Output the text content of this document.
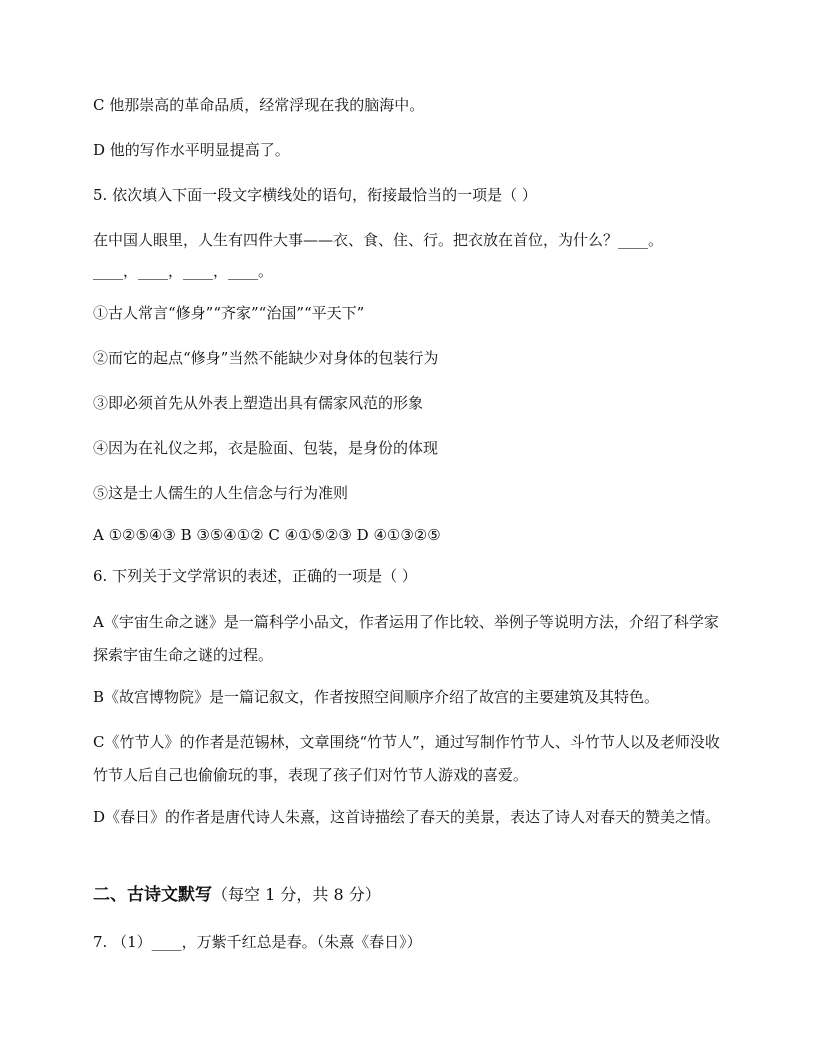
C 他那崇高的革命品质，经常浮现在我的脑海中。

D 他的写作水平明显提高了。

5. 依次填入下面一段文字横线处的语句，衔接最恰当的一项是（ ）

在中国人眼里，人生有四件大事——衣、食、住、行。把衣放在首位，为什么？____。

____，____，____，____。

①古人常言“修身”“齐家”“治国”“平天下”

②而它的起点“修身”当然不能缺少对身体的包装行为

③即必须首先从外表上塑造出具有儒家风范的形象

④因为在礼仪之邦，衣是脸面、包装，是身份的体现

⑤这是士人儒生的人生信念与行为准则

A ①②⑤④③ B ③⑤④①② C ④①⑤②③ D ④①③②⑤

6. 下列关于文学常识的表述，正确的一项是（ ）

A《宇宙生命之谜》是一篇科学小品文，作者运用了作比较、举例子等说明方法，介绍了科学家探索宇宙生命之谜的过程。

B《故宫博物院》是一篇记叙文，作者按照空间顺序介绍了故宫的主要建筑及其特色。

C《竹节人》的作者是范锡林，文章围绕“竹节人”，通过写制作竹节人、斗竹节人以及老师没收竹节人后自己也偷偷玩的事，表现了孩子们对竹节人游戏的喜爱。

D《春日》的作者是唐代诗人朱熹，这首诗描绘了春天的美景，表达了诗人对春天的赞美之情。

二、古诗文默写（每空 1 分，共 8 分）

7. （1）____，万紫千红总是春。（朱熹《春日》）
